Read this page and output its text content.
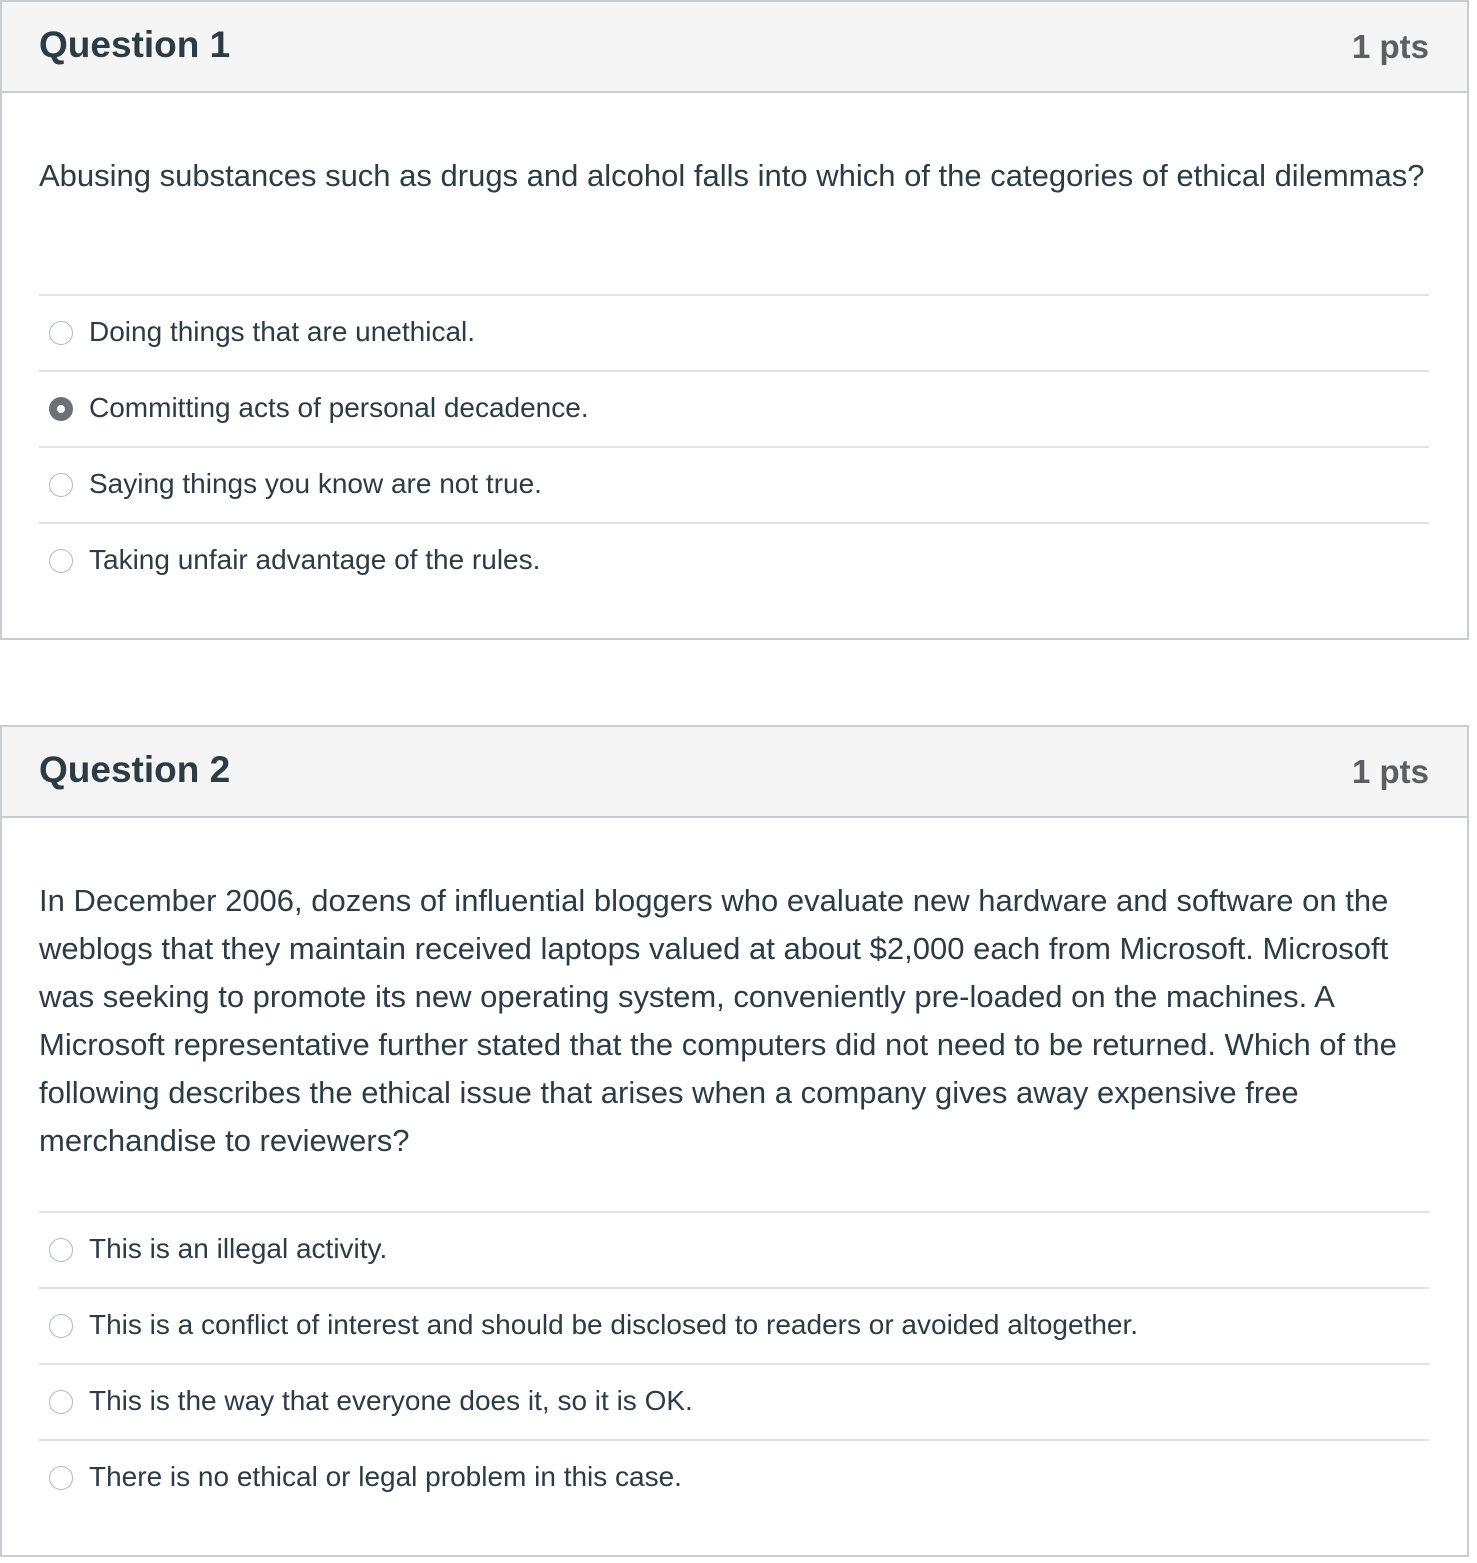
Question 1	1 pts

Abusing substances such as drugs and alcohol falls into which of the categories of ethical dilemmas?

Doing things that are unethical.
Committing acts of personal decadence.
Saying things you know are not true.
Taking unfair advantage of the rules.
Question 2	1 pts

In December 2006, dozens of influential bloggers who evaluate new hardware and software on the weblogs that they maintain received laptops valued at about $2,000 each from Microsoft. Microsoft was seeking to promote its new operating system, conveniently pre-loaded on the machines. A Microsoft representative further stated that the computers did not need to be returned. Which of the following describes the ethical issue that arises when a company gives away expensive free merchandise to reviewers?

This is an illegal activity.
This is a conflict of interest and should be disclosed to readers or avoided altogether.
This is the way that everyone does it, so it is OK.
There is no ethical or legal problem in this case.
